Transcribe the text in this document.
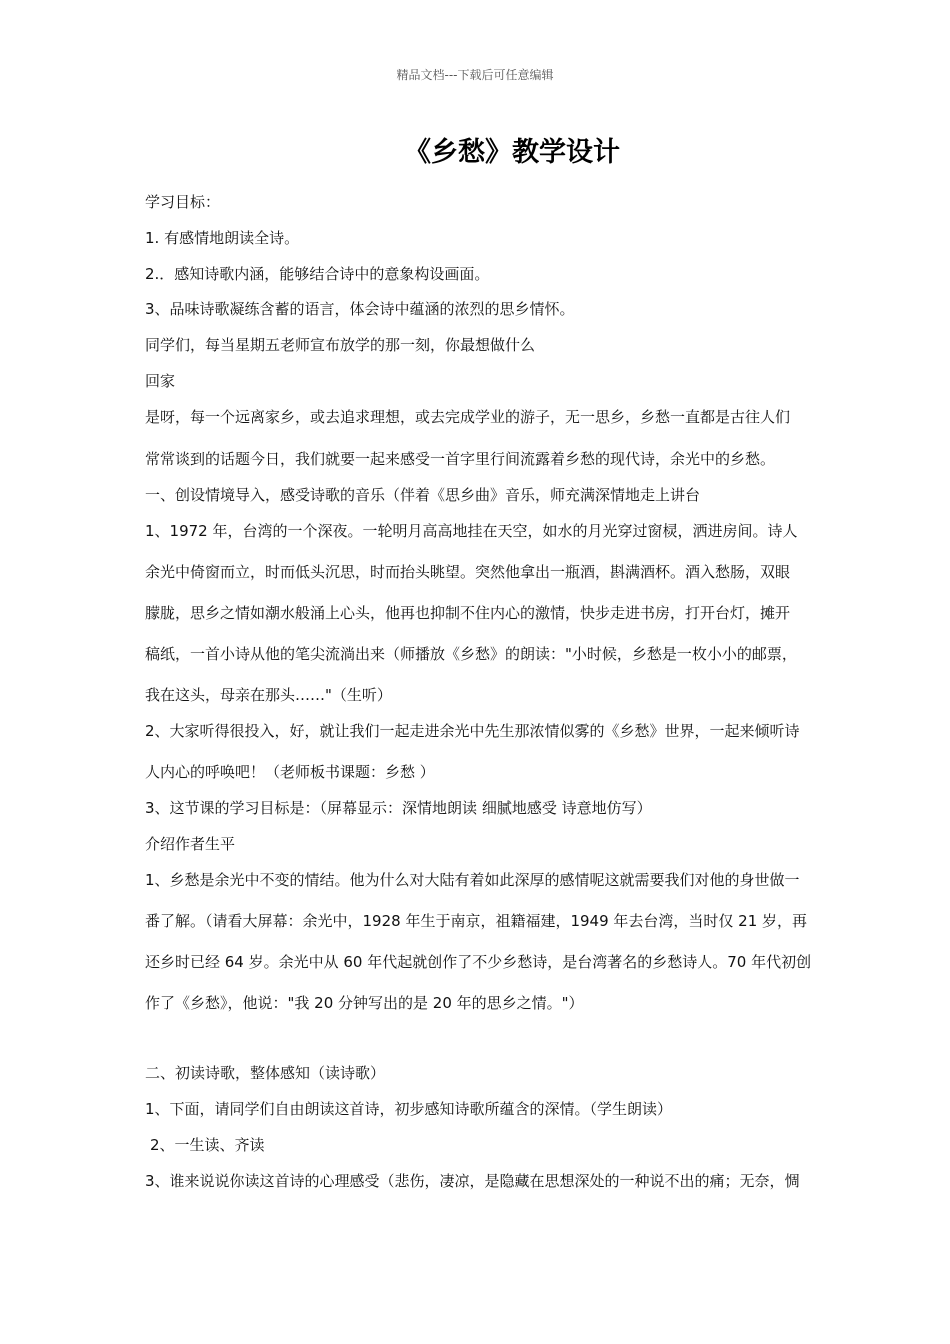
精品文档---下载后可任意编辑
《乡愁》教学设计
学习目标：
1. 有感情地朗读全诗。
2.．感知诗歌内涵，能够结合诗中的意象构设画面。
3、品味诗歌凝练含蓄的语言，体会诗中蕴涵的浓烈的思乡情怀。
同学们，每当星期五老师宣布放学的那一刻，你最想做什么
回家
是呀，每一个远离家乡，或去追求理想，或去完成学业的游子，无一思乡，乡愁一直都是古往人们
常常谈到的话题今日，我们就要一起来感受一首字里行间流露着乡愁的现代诗，余光中的乡愁。
一、创设情境导入，感受诗歌的音乐（伴着《思乡曲》音乐，师充满深情地走上讲台
1、1972 年，台湾的一个深夜。一轮明月高高地挂在天空，如水的月光穿过窗棂，洒进房间。诗人
余光中倚窗而立，时而低头沉思，时而抬头眺望。突然他拿出一瓶酒，斟满酒杯。酒入愁肠，双眼
朦胧，思乡之情如潮水般涌上心头，他再也抑制不住内心的激情，快步走进书房，打开台灯，摊开
稿纸，一首小诗从他的笔尖流淌出来（师播放《乡愁》的朗读："小时候，乡愁是一枚小小的邮票，
我在这头，母亲在那头……"（生听）
2、大家听得很投入，好，就让我们一起走进余光中先生那浓情似雾的《乡愁》世界，一起来倾听诗
人内心的呼唤吧！（老师板书课题：乡愁 ）
3、这节课的学习目标是：（屏幕显示：深情地朗读 细腻地感受 诗意地仿写）
介绍作者生平
1、乡愁是余光中不变的情结。他为什么对大陆有着如此深厚的感情呢这就需要我们对他的身世做一
番了解。（请看大屏幕：余光中，1928 年生于南京，祖籍福建，1949 年去台湾，当时仅 21 岁，再
还乡时已经 64 岁。余光中从 60 年代起就创作了不少乡愁诗，是台湾著名的乡愁诗人。70 年代初创
作了《乡愁》，他说："我 20 分钟写出的是 20 年的思乡之情。"）
二、初读诗歌，整体感知（读诗歌）
1、下面，请同学们自由朗读这首诗，初步感知诗歌所蕴含的深情。（学生朗读）
2、一生读、齐读
3、谁来说说你读这首诗的心理感受（悲伤，凄凉，是隐藏在思想深处的一种说不出的痛；无奈，惆
